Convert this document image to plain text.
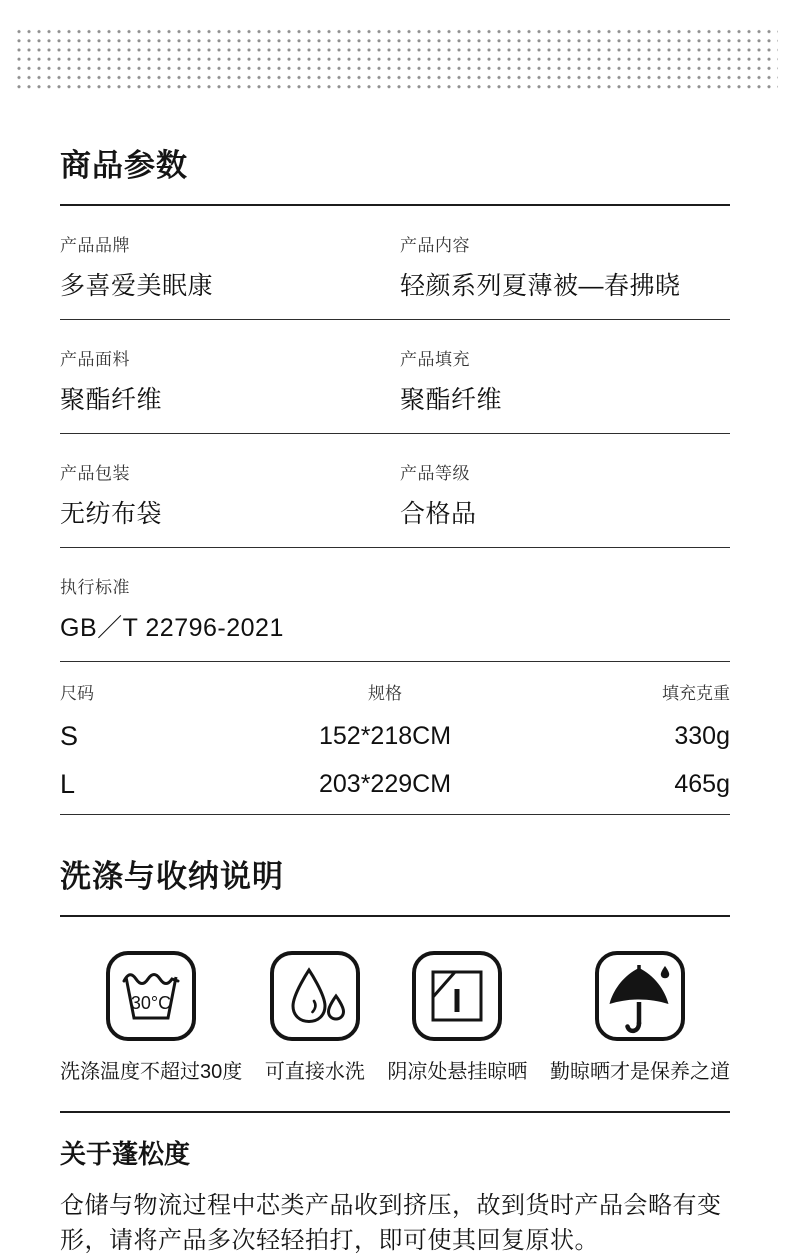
商品参数
产品品牌
多喜爱美眠康
产品内容
轻颜系列夏薄被—春拂晓
产品面料
聚酯纤维
产品填充
聚酯纤维
产品包装
无纺布袋
产品等级
合格品
执行标准
GB／T 22796-2021
尺码	规格	填充克重
S	152*218CM	330g
L	203*229CM	465g
洗涤与收纳说明
30°C
洗涤温度不超过30度 可直接水洗 阴凉处悬挂晾晒 勤晾晒才是保养之道
关于蓬松度

仓储与物流过程中芯类产品收到挤压，故到货时产品会略有变形，请将产品多次轻轻拍打，即可使其回复原状。
